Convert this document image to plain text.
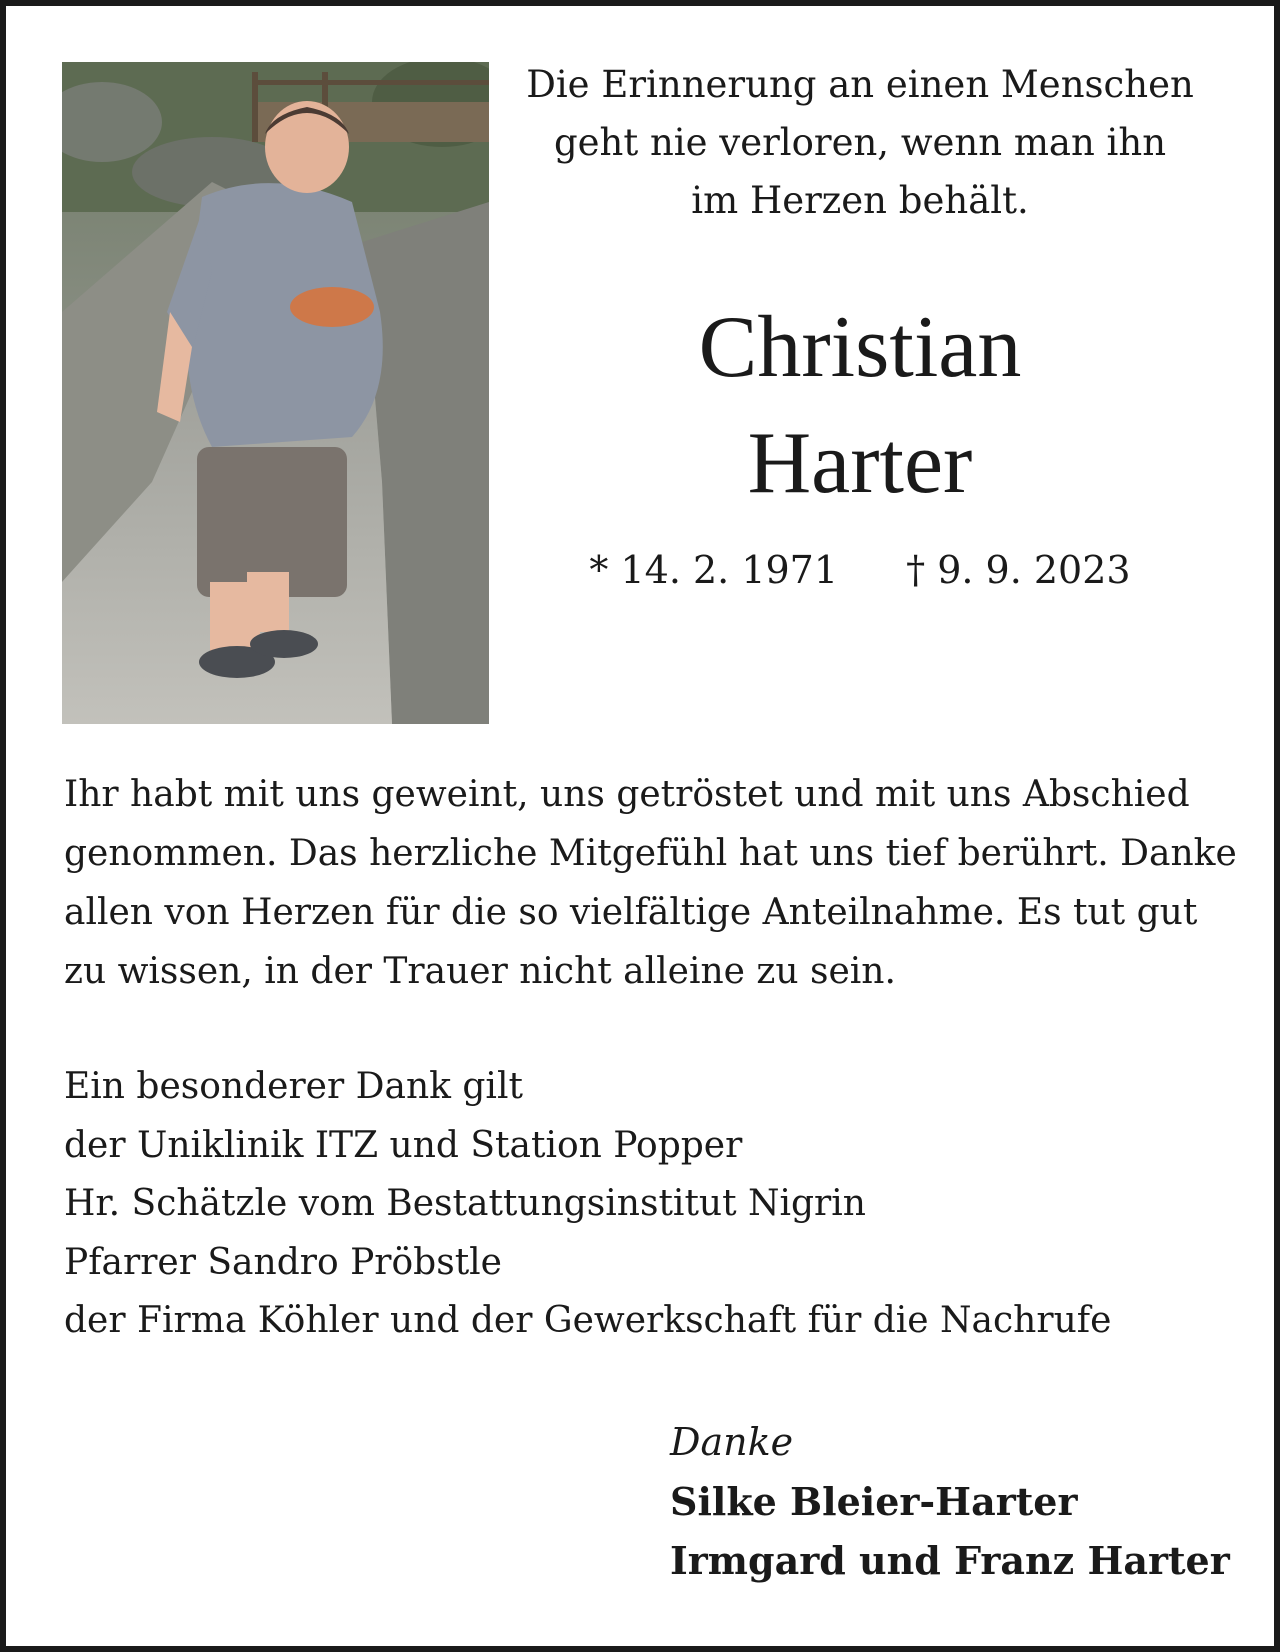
Die Erinnerung an einen Menschen
geht nie verloren, wenn man ihn
im Herzen behält.
Christian
Harter
* 14. 2. 1971 † 9. 9. 2023
Ihr habt mit uns geweint, uns getröstet und mit uns Abschied
genommen. Das herzliche Mitgefühl hat uns tief berührt. Danke
allen von Herzen für die so vielfältige Anteilnahme. Es tut gut
zu wissen, in der Trauer nicht alleine zu sein.
Ein besonderer Dank gilt
der Uniklinik ITZ und Station Popper
Hr. Schätzle vom Bestattungsinstitut Nigrin
Pfarrer Sandro Pröbstle
der Firma Köhler und der Gewerkschaft für die Nachrufe
Danke
Silke Bleier-Harter
Irmgard und Franz Harter
